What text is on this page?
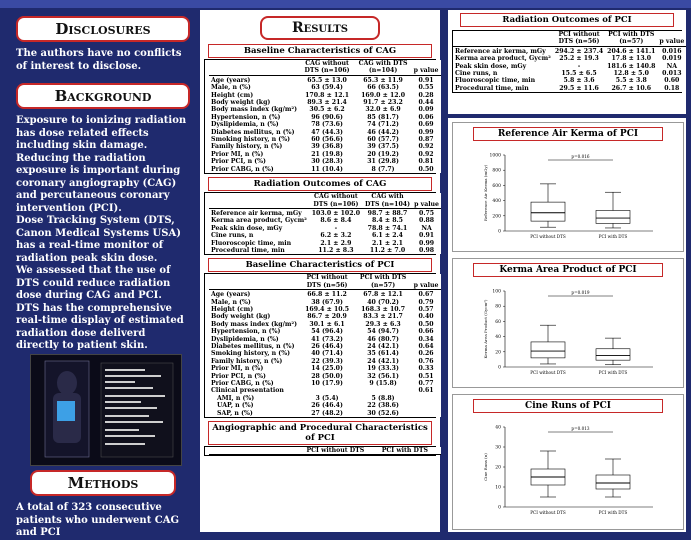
Disclosures

The authors have no conflicts of interest to disclose.

Background

Exposure to ionizing radiation has dose related effects including skin damage.

Reducing the radiation exposure is important during coronary angiography (CAG) and percutaneous coronary intervention (PCI).

Dose Tracking System (DTS, Canon Medical Systems USA) has a real-time monitor of radiation peak skin dose.

We assessed that the use of DTS could reduce radiation dose during CAG and PCI.

DTS has the comprehensive real-time display of estimated radiation dose deliverd directly to patient skin.

Methods

A total of 323 consecutive patients who underwent CAG and PCI

Results
Baseline Characteristics of CAG
	CAG without DTS (n=106)	CAG with DTS (n=104)	p value
Age (years)	65.5 ± 13.0	65.3 ± 11.9	0.91
Male, n (%)	63 (59.4)	66 (63.5)	0.55
Height (cm)	170.8 ± 12.1	169.0 ± 12.0	0.28
Body weight (kg)	89.3 ± 21.4	91.7 ± 23.2	0.44
Body mass index (kg/m²)	30.5 ± 6.2	32.0 ± 6.9	0.09
Hypertension, n (%)	96 (90.6)	85 (81.7)	0.06
Dyslipidemia, n (%)	78 (73.6)	74 (71.2)	0.69
Diabetes mellitus, n (%)	47 (44.3)	46 (44.2)	0.99
Smoking history, n (%)	60 (56.6)	60 (57.7)	0.87
Family history, n (%)	39 (36.8)	39 (37.5)	0.92
Prior MI, n (%)	21 (19.8)	20 (19.2)	0.92
Prior PCI, n (%)	30 (28.3)	31 (29.8)	0.81
Prior CABG, n (%)	11 (10.4)	8 (7.7)	0.50
Radiation Outcomes of CAG
	CAG without DTS (n=106)	CAG with DTS (n=104)	p value
Reference air kerma, mGy	103.0 ± 102.0	98.7 ± 88.7	0.75
Kerma area product, Gycm²	8.6 ± 8.4	8.4 ± 8.5	0.88
Peak skin dose, mGy	-	78.8 ± 74.1	NA
Cine runs, n	6.2 ± 3.2	6.1 ± 2.4	0.91
Fluoroscopic time, min	2.1 ± 2.9	2.1 ± 2.1	0.99
Procedural time, min	11.2 ± 8.3	11.2 ± 7.0	0.98
Baseline Characteristics of PCI
	PCI without DTS (n=56)	PCI with DTS (n=57)	p value
Age (years)	66.8 ± 11.2	67.8 ± 12.1	0.67
Male, n (%)	38 (67.9)	40 (70.2)	0.79
Height (cm)	169.4 ± 10.5	168.3 ± 10.7	0.57
Body weight (kg)	86.7 ± 20.9	83.3 ± 21.7	0.40
Body mass index (kg/m²)	30.1 ± 6.1	29.3 ± 6.3	0.50
Hypertension, n (%)	54 (96.4)	54 (94.7)	0.66
Dyslipidemia, n (%)	41 (73.2)	46 (80.7)	0.34
Diabetes mellitus, n (%)	26 (46.4)	24 (42.1)	0.64
Smoking history, n (%)	40 (71.4)	35 (61.4)	0.26
Family history, n (%)	22 (39.3)	24 (42.1)	0.76
Prior MI, n (%)	14 (25.0)	19 (33.3)	0.33
Prior PCI, n (%)	28 (50.0)	32 (56.1)	0.51
Prior CABG, n (%)	10 (17.9)	9 (15.8)	0.77
Clinical presentation			0.61
AMI, n (%)	3 (5.4)	5 (8.8)	
UAP, n (%)	26 (46.4)	22 (38.6)	
SAP, n (%)	27 (48.2)	30 (52.6)	
Angiographic and Procedural Characteristics of PCI
	PCI without DTS	PCI with DTS	
Radiation Outcomes of PCI
	PCI without DTS (n=56)	PCI with DTS (n=57)	p value
Reference air kerma, mGy	294.2 ± 237.4	204.6 ± 141.1	0.016
Kerma area product, Gycm²	25.2 ± 19.3	17.8 ± 13.0	0.019
Peak skin dose, mGy	-	181.6 ± 140.8	NA
Cine runs, n	15.5 ± 6.5	12.8 ± 5.0	0.013
Fluoroscopic time, min	5.8 ± 3.6	5.5 ± 3.8	0.60
Procedural time, min	29.5 ± 11.6	26.7 ± 10.6	0.18
Reference Air Kerma of PCI
Reference Air Kerma (mGy)
0
200
400
600
800
1000
PCI without DTS	PCI with DTS
p=0.016
Kerma Area Product of PCI
Kerma Area Product (Gycm²)
0
20
40
60
80
100
PCI without DTS	PCI with DTS
p=0.019
Cine Runs of PCI
Cine Runs (n)
0
10
20
30
40
PCI without DTS	PCI with DTS
p=0.013
